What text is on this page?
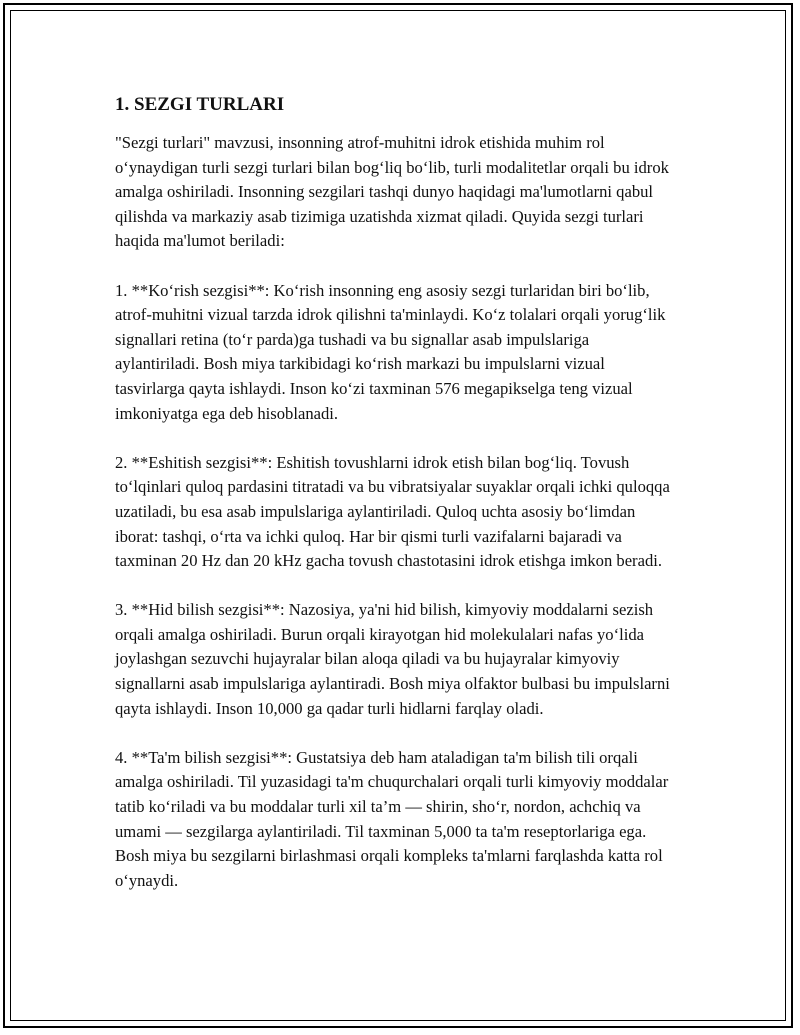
1. SEZGI TURLARI

"Sezgi turlari" mavzusi, insonning atrof-muhitni idrok etishida muhim rol o‘ynaydigan turli sezgi turlari bilan bog‘liq bo‘lib, turli modalitetlar orqali bu idrok amalga oshiriladi. Insonning sezgilari tashqi dunyo haqidagi ma'lumotlarni qabul qilishda va markaziy asab tizimiga uzatishda xizmat qiladi. Quyida sezgi turlari haqida ma'lumot beriladi:

1. **Ko‘rish sezgisi**: Ko‘rish insonning eng asosiy sezgi turlaridan biri bo‘lib, atrof-muhitni vizual tarzda idrok qilishni ta'minlaydi. Ko‘z tolalari orqali yorug‘lik signallari retina (to‘r parda)ga tushadi va bu signallar asab impulslariga aylantiriladi. Bosh miya tarkibidagi ko‘rish markazi bu impulslarni vizual tasvirlarga qayta ishlaydi. Inson ko‘zi taxminan 576 megapikselga teng vizual imkoniyatga ega deb hisoblanadi.

2. **Eshitish sezgisi**: Eshitish tovushlarni idrok etish bilan bog‘liq. Tovush to‘lqinlari quloq pardasini titratadi va bu vibratsiyalar suyaklar orqali ichki quloqqa uzatiladi, bu esa asab impulslariga aylantiriladi. Quloq uchta asosiy bo‘limdan iborat: tashqi, o‘rta va ichki quloq. Har bir qismi turli vazifalarni bajaradi va taxminan 20 Hz dan 20 kHz gacha tovush chastotasini idrok etishga imkon beradi.

3. **Hid bilish sezgisi**: Nazosiya, ya'ni hid bilish, kimyoviy moddalarni sezish orqali amalga oshiriladi. Burun orqali kirayotgan hid molekulalari nafas yo‘lida joylashgan sezuvchi hujayralar bilan aloqa qiladi va bu hujayralar kimyoviy signallarni asab impulslariga aylantiradi. Bosh miya olfaktor bulbasi bu impulslarni qayta ishlaydi. Inson 10,000 ga qadar turli hidlarni farqlay oladi.

4. **Ta'm bilish sezgisi**: Gustatsiya deb ham ataladigan ta'm bilish tili orqali amalga oshiriladi. Til yuzasidagi ta'm chuqurchalari orqali turli kimyoviy moddalar tatib ko‘riladi va bu moddalar turli xil ta’m — shirin, sho‘r, nordon, achchiq va umami — sezgilarga aylantiriladi. Til taxminan 5,000 ta ta'm reseptorlariga ega. Bosh miya bu sezgilarni birlashmasi orqali kompleks ta'mlarni farqlashda katta rol o‘ynaydi.
